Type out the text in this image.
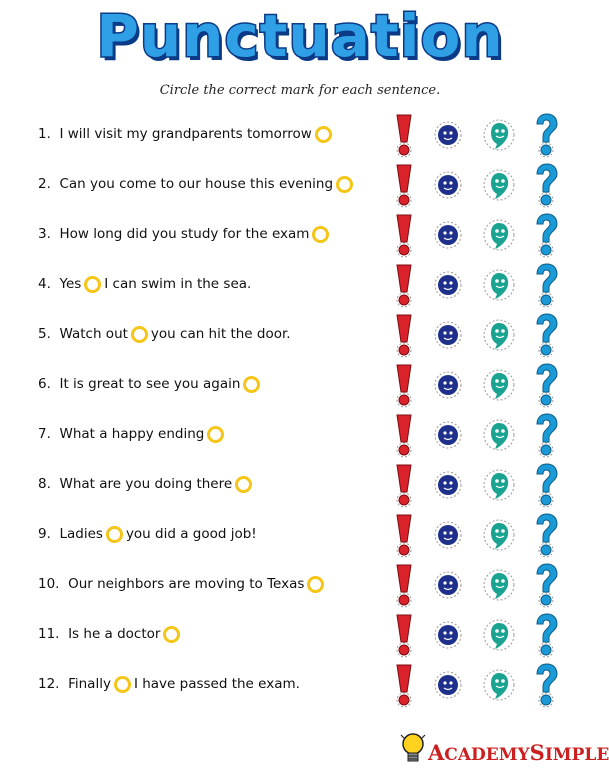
Punctuation
Circle the correct mark for each sentence.
1.
I will visit my grandparents tomorrow
2.
Can you come to our house this evening
3.
How long did you study for the exam
4.
Yes I can swim in the sea.
5.
Watch out you can hit the door.
6.
It is great to see you again
7.
What a happy ending
8.
What are you doing there
9.
Ladies you did a good job!
10.
Our neighbors are moving to Texas
11.
Is he a doctor
12.
Finally I have passed the exam.
ACADEMYSIMPLE
